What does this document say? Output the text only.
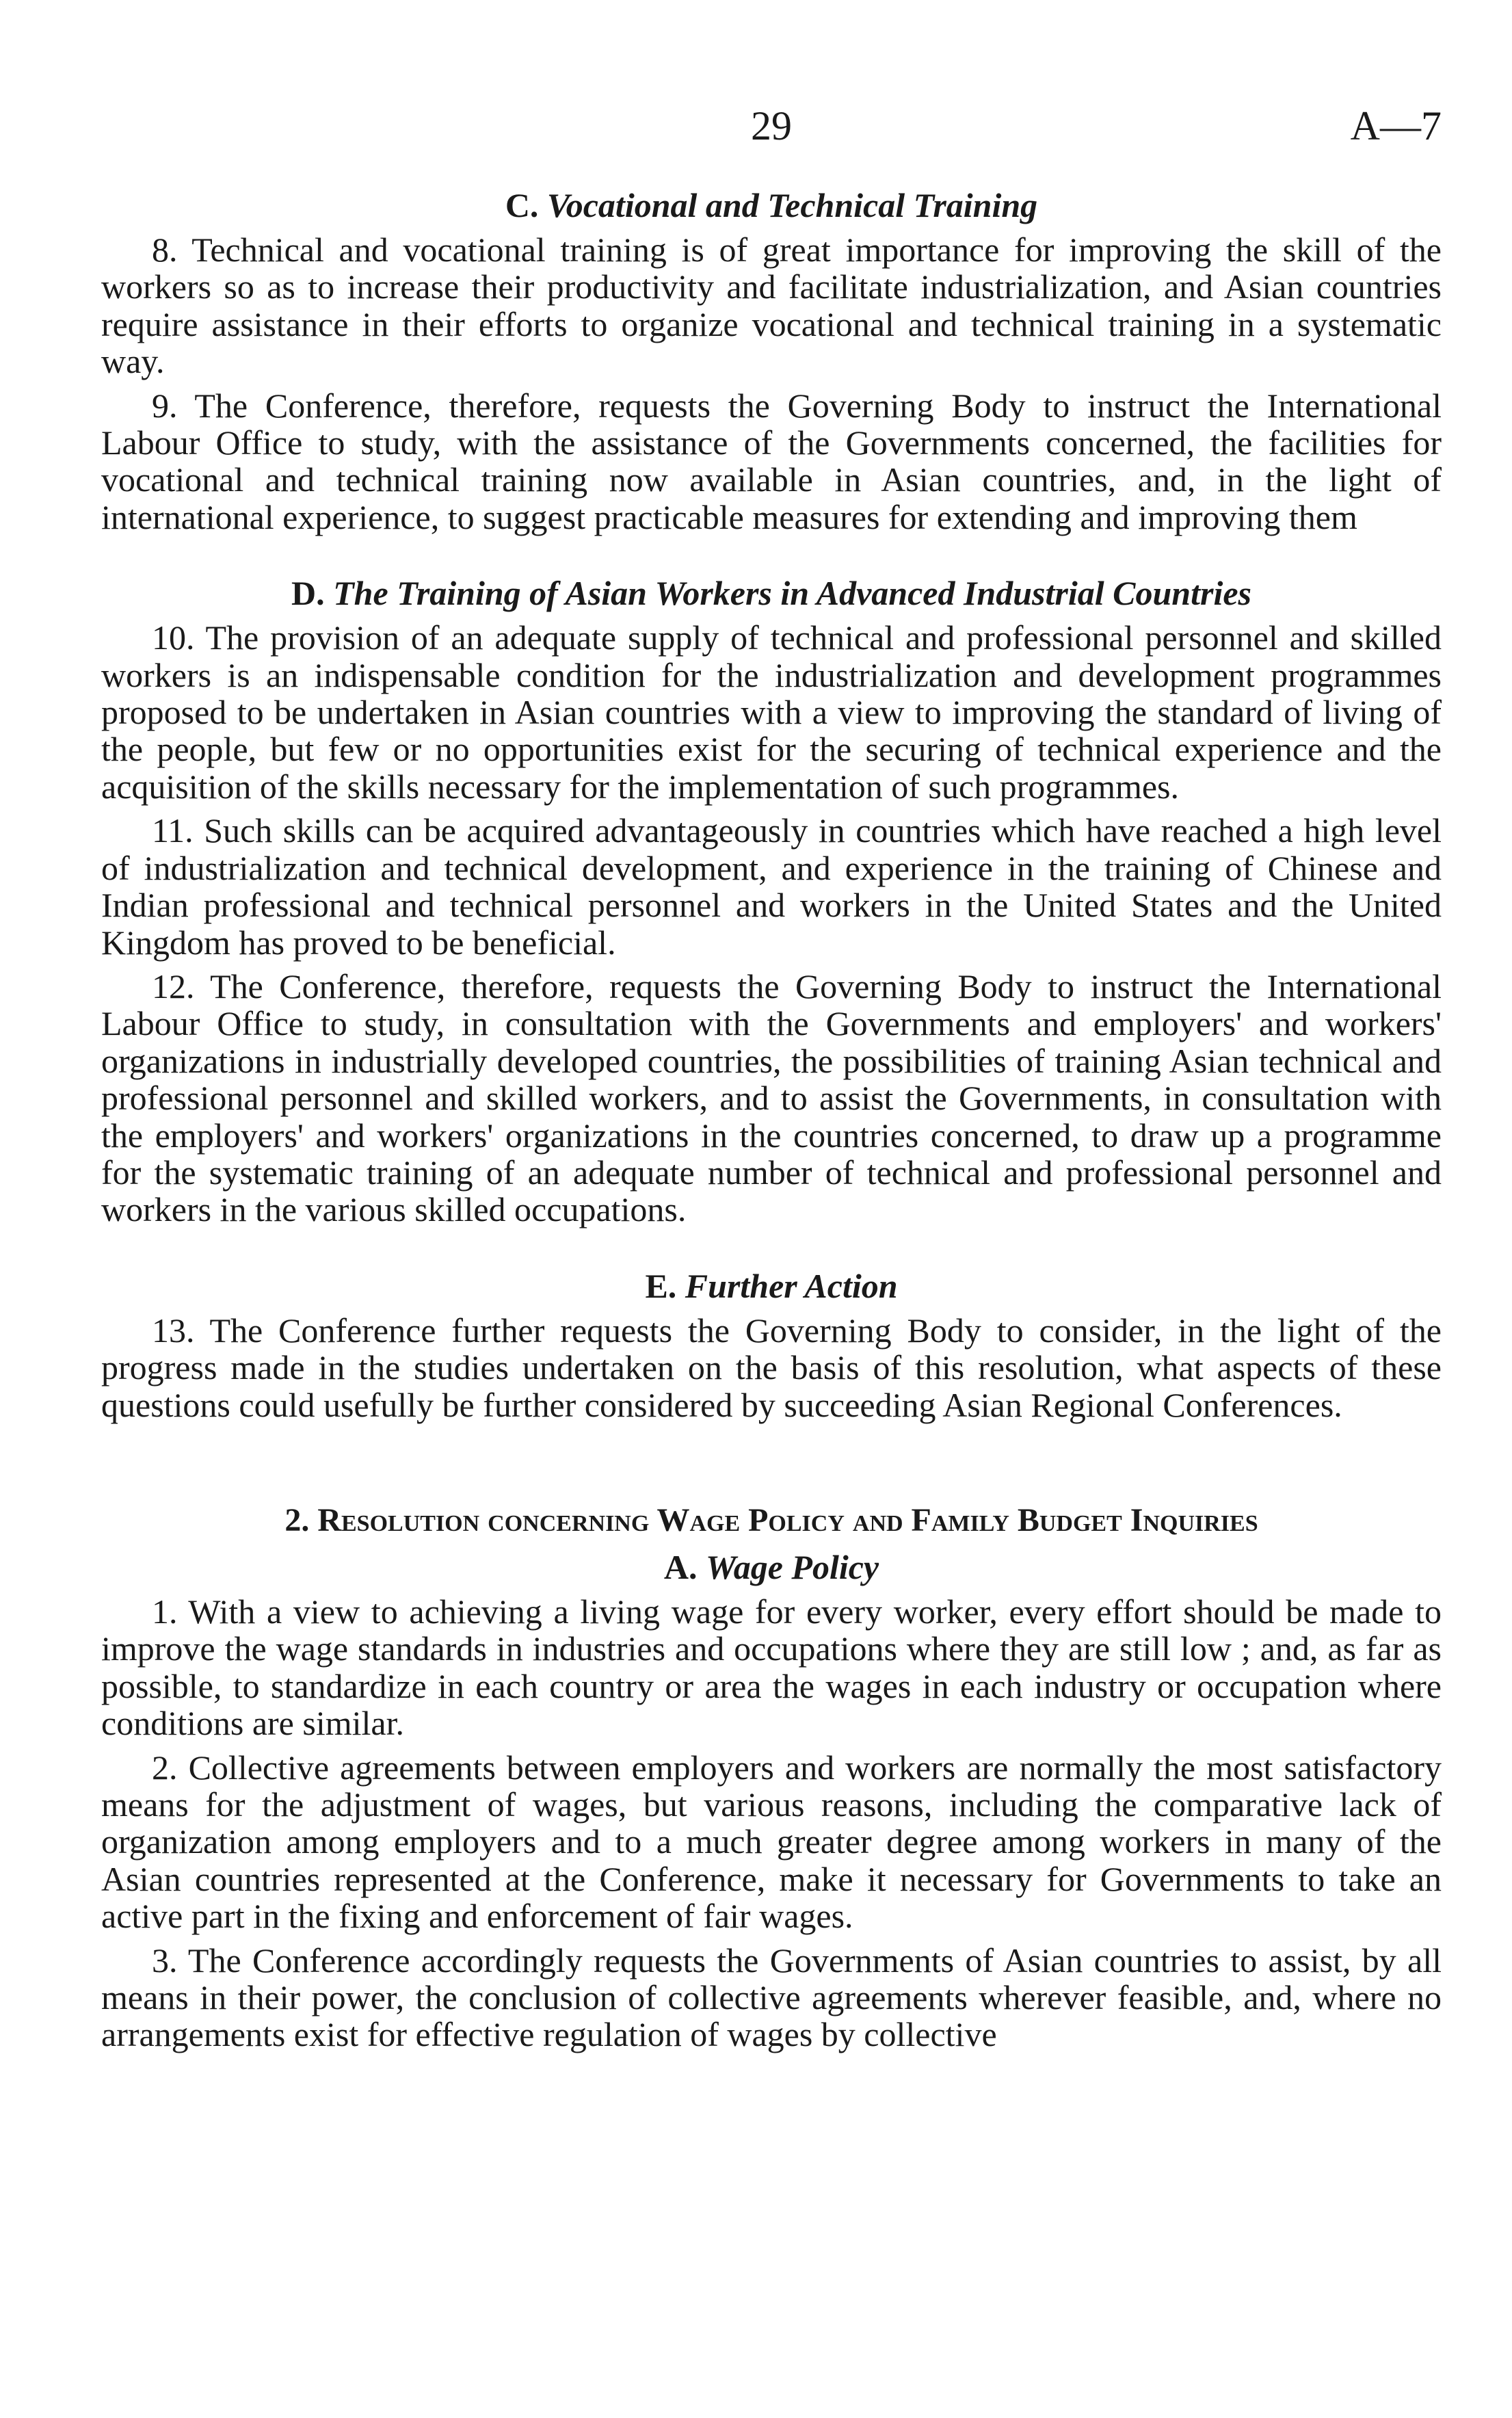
29	A—7
C. Vocational and Technical Training

8. Technical and vocational training is of great importance for improving the skill of the workers so as to increase their productivity and facilitate industrialization, and Asian countries require assistance in their efforts to organize vocational and technical training in a systematic way.

9. The Conference, therefore, requests the Governing Body to instruct the International Labour Office to study, with the assistance of the Governments concerned, the facilities for vocational and technical training now available in Asian countries, and, in the light of international experience, to suggest practicable measures for extending and improving them

D. The Training of Asian Workers in Advanced Industrial Countries

10. The provision of an adequate supply of technical and professional personnel and skilled workers is an indispensable condition for the industrialization and development programmes proposed to be undertaken in Asian countries with a view to improving the standard of living of the people, but few or no opportunities exist for the securing of technical experience and the acquisition of the skills necessary for the implementation of such programmes.

11. Such skills can be acquired advantageously in countries which have reached a high level of industrialization and technical development, and experience in the training of Chinese and Indian professional and technical personnel and workers in the United States and the United Kingdom has proved to be beneficial.

12. The Conference, therefore, requests the Governing Body to instruct the International Labour Office to study, in consultation with the Governments and employers' and workers' organizations in industrially developed countries, the possibilities of training Asian technical and professional personnel and skilled workers, and to assist the Governments, in consultation with the employers' and workers' organizations in the countries concerned, to draw up a programme for the systematic training of an adequate number of technical and professional personnel and workers in the various skilled occupations.

E. Further Action

13. The Conference further requests the Governing Body to consider, in the light of the progress made in the studies undertaken on the basis of this resolution, what aspects of these questions could usefully be further considered by succeeding Asian Regional Conferences.

2. Resolution concerning Wage Policy and Family Budget Inquiries
A. Wage Policy

1. With a view to achieving a living wage for every worker, every effort should be made to improve the wage standards in industries and occupations where they are still low ; and, as far as possible, to standardize in each country or area the wages in each industry or occupation where conditions are similar.

2. Collective agreements between employers and workers are normally the most satisfactory means for the adjustment of wages, but various reasons, including the comparative lack of organization among employers and to a much greater degree among workers in many of the Asian countries represented at the Conference, make it necessary for Governments to take an active part in the fixing and enforcement of fair wages.

3. The Conference accordingly requests the Governments of Asian countries to assist, by all means in their power, the conclusion of collective agreements wherever feasible, and, where no arrangements exist for effective regulation of wages by collective
